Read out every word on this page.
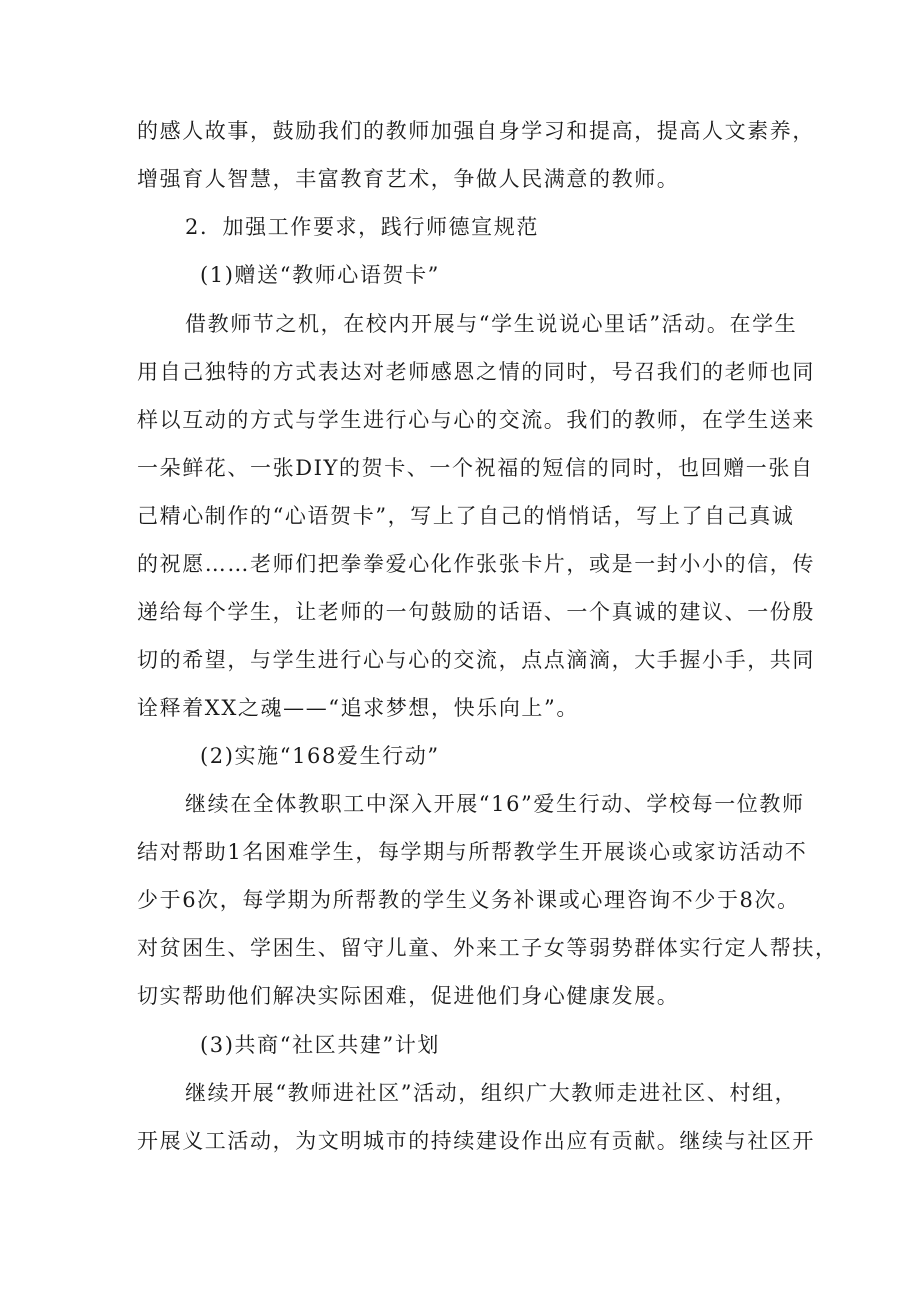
的感人故事，鼓励我们的教师加强自身学习和提高，提高人文素养，
增强育人智慧，丰富教育艺术，争做人民满意的教师。
2．加强工作要求，践行师德宣规范
(1)赠送“教师心语贺卡”
借教师节之机，在校内开展与“学生说说心里话”活动。在学生
用自己独特的方式表达对老师感恩之情的同时，号召我们的老师也同
样以互动的方式与学生进行心与心的交流。我们的教师，在学生送来
一朵鲜花、一张DIY的贺卡、一个祝福的短信的同时，也回赠一张自
己精心制作的“心语贺卡”，写上了自己的悄悄话，写上了自己真诚
的祝愿……老师们把拳拳爱心化作张张卡片，或是一封小小的信，传
递给每个学生，让老师的一句鼓励的话语、一个真诚的建议、一份殷
切的希望，与学生进行心与心的交流，点点滴滴，大手握小手，共同
诠释着XX之魂——“追求梦想，快乐向上”。
(2)实施“168爱生行动”
继续在全体教职工中深入开展“16”爱生行动、学校每一位教师
结对帮助1名困难学生，每学期与所帮教学生开展谈心或家访活动不
少于6次，每学期为所帮教的学生义务补课或心理咨询不少于8次。
对贫困生、学困生、留守儿童、外来工子女等弱势群体实行定人帮扶，
切实帮助他们解决实际困难，促进他们身心健康发展。
(3)共商“社区共建”计划
继续开展“教师进社区”活动，组织广大教师走进社区、村组，
开展义工活动，为文明城市的持续建设作出应有贡献。继续与社区开
